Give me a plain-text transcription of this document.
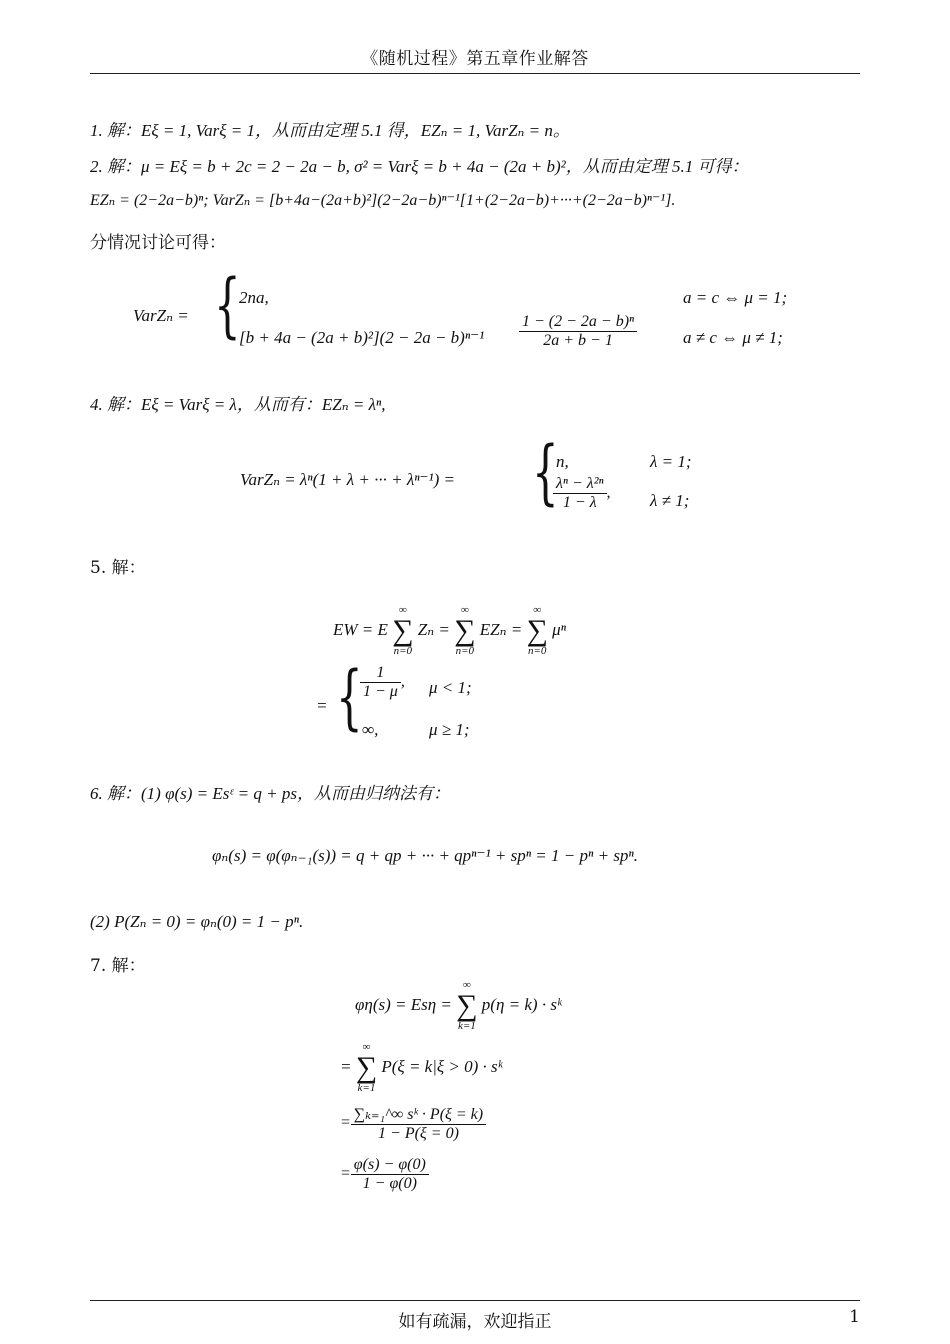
《随机过程》第五章作业解答
1. 解：Eξ = 1, Varξ = 1，从而由定理 5.1 得，EZₙ = 1, VarZₙ = n。
2. 解：μ = Eξ = b + 2c = 2 − 2a − b, σ² = Varξ = b + 4a − (2a + b)²，从而由定理 5.1 可得：
EZₙ = (2−2a−b)ⁿ; VarZₙ = [b+4a−(2a+b)²](2−2a−b)ⁿ⁻¹[1+(2−2a−b)+···+(2−2a−b)ⁿ⁻¹].
分情况讨论可得：
VarZₙ = {
2na,	a = c ⇔ μ = 1;
$[b + 4a - (2a + b)^2](2 - 2a - b)^{n-1} \frac{\text{1 − (2 − 2a − b)ⁿ}}{2a + b - 1}$	a ≠ c ⇔ μ ≠ 1;
4. 解：Eξ = Varξ = λ，从而有：EZₙ = λⁿ,
VarZₙ = λⁿ(1 + λ + ··· + λⁿ⁻¹) = {
n,	λ = 1;
$\frac{\text{λⁿ − λ²ⁿ}}{1 - \lambda}$ , λ ≠ 1;
5. 解：
EW = E
∞
∑
n=0
Zₙ =
∞
∑
n=0
EZₙ =
∞
∑
n=0
μⁿ
= {
$\frac{1}{1 - \mu}$ , μ < 1;
∞,	μ ≥ 1;
6. 解：(1) φ(s) = Esᵋ = q + ps，从而由归纳法有：
φₙ(s) = φ(φₙ₋₁(s)) = q + qp + ··· + qpⁿ⁻¹ + spⁿ = 1 − pⁿ + spⁿ.
(2) P(Zₙ = 0) = φₙ(0) = 1 − pⁿ.
7. 解：
φη(s) = Esη =
∞
∑
k=1
p(η = k) · sᵏ
=
∞
∑
k=1
P(ξ = k|ξ > 0) · sᵏ
= $\frac{\text{∑ₖ₌₁\textasciicircum{}∞ sᵏ · P(ξ = k)}}{1 - P(\xi = 0)}$
= $\frac{\varphi(s) - \varphi(0)}{1 - \varphi(0)}$
如有疏漏，欢迎指正	1
